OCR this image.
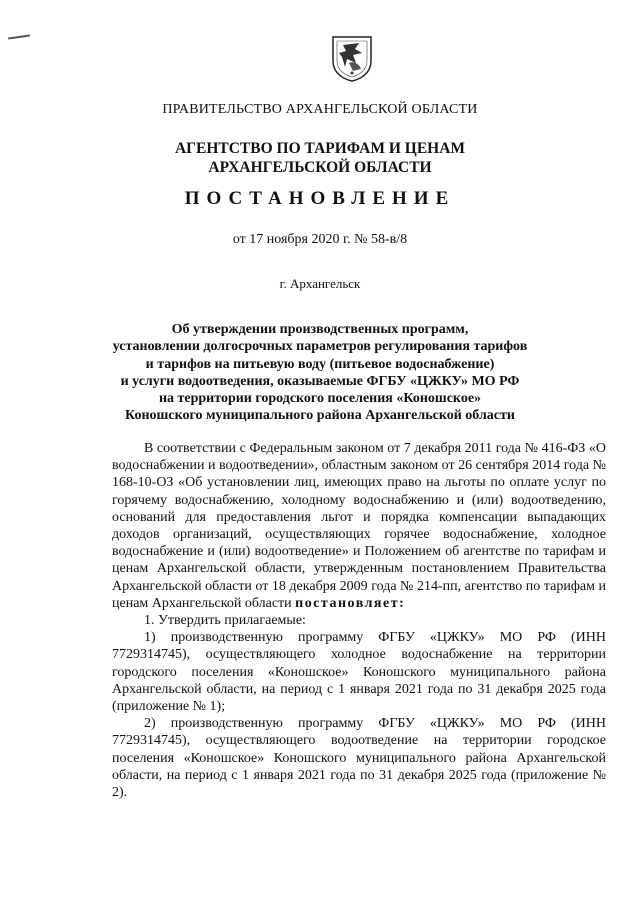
ПРАВИТЕЛЬСТВО АРХАНГЕЛЬСКОЙ ОБЛАСТИ
АГЕНТСТВО ПО ТАРИФАМ И ЦЕНАМ
АРХАНГЕЛЬСКОЙ ОБЛАСТИ
ПОСТАНОВЛЕНИЕ
от 17 ноября 2020 г. № 58-в/8
г. Архангельск
Об утверждении производственных программ,
установлении долгосрочных параметров регулирования тарифов
и тарифов на питьевую воду (питьевое водоснабжение)
и услуги водоотведения, оказываемые ФГБУ «ЦЖКУ» МО РФ
на территории городского поселения «Коношское»
Коношского муниципального района Архангельской области

В соответствии с Федеральным законом от 7 декабря 2011 года № 416-ФЗ «О водоснабжении и водоотведении», областным законом от 26 сентября 2014 года № 168-10-ОЗ «Об установлении лиц, имеющих право на льготы по оплате услуг по горячему водоснабжению, холодному водоснабжению и (или) водоотведению, оснований для предоставления льгот и порядка компенсации выпадающих доходов организаций, осуществляющих горячее водоснабжение, холодное водоснабжение и (или) водоотведение» и Положением об агентстве по тарифам и ценам Архангельской области, утвержденным постановлением Правительства Архангельской области от 18 декабря 2009 года № 214-пп, агентство по тарифам и ценам Архангельской области постановляет:

1. Утвердить прилагаемые:

1) производственную программу ФГБУ «ЦЖКУ» МО РФ (ИНН 7729314745), осуществляющего холодное водоснабжение на территории городского поселения «Коношское» Коношского муниципального района Архангельской области, на период с 1 января 2021 года по 31 декабря 2025 года (приложение № 1);

2) производственную программу ФГБУ «ЦЖКУ» МО РФ (ИНН 7729314745), осуществляющего водоотведение на территории городское поселения «Коношское» Коношского муниципального района Архангельской области, на период с 1 января 2021 года по 31 декабря 2025 года (приложение № 2).
